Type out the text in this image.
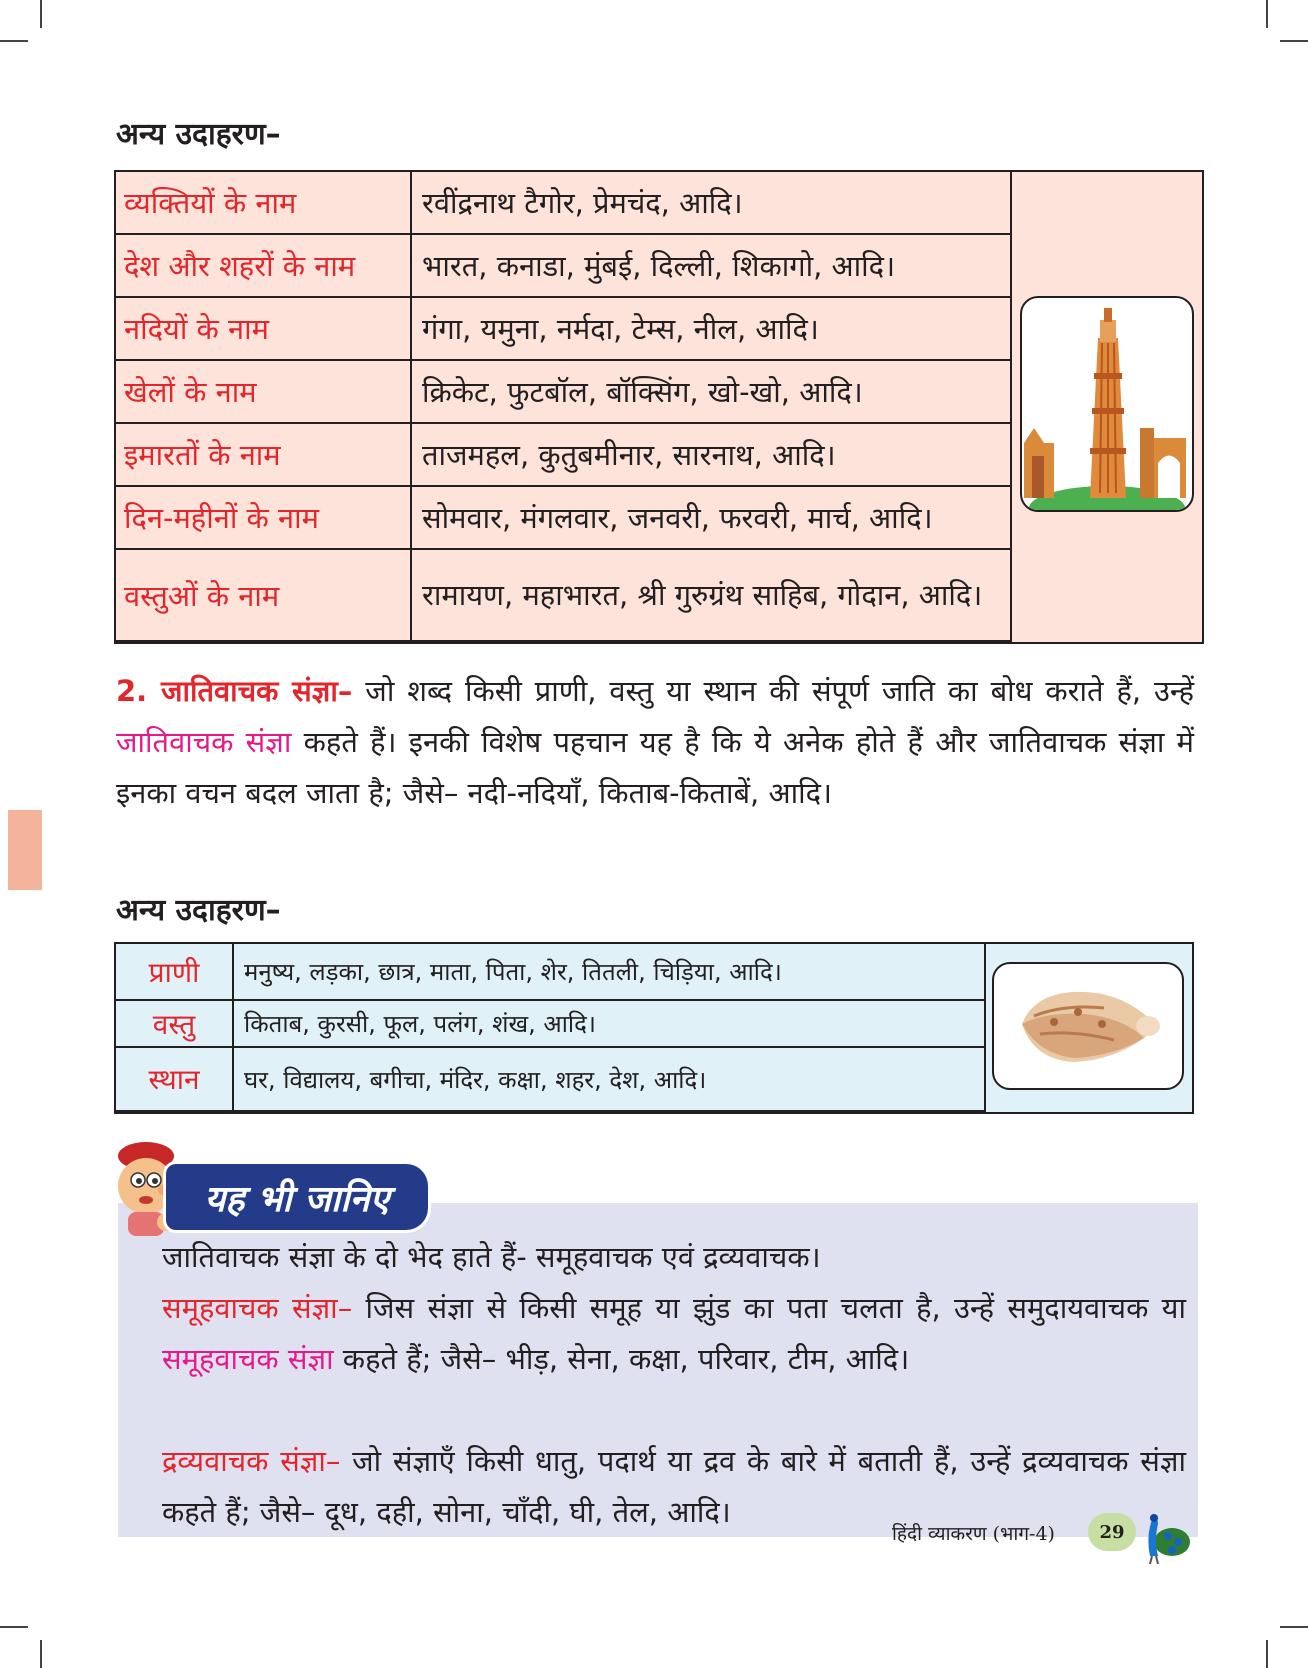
अन्य उदाहरण–
व्यक्तियों के नाम	रवींद्रनाथ टैगोर, प्रेमचंद, आदि।
देश और शहरों के नाम	भारत, कनाडा, मुंबई, दिल्ली, शिकागो, आदि।
नदियों के नाम	गंगा, यमुना, नर्मदा, टेम्स, नील, आदि।
खेलों के नाम	क्रिकेट, फुटबॉल, बॉक्सिंग, खो-खो, आदि।
इमारतों के नाम	ताजमहल, कुतुबमीनार, सारनाथ, आदि।
दिन-महीनों के नाम	सोमवार, मंगलवार, जनवरी, फरवरी, मार्च, आदि।
वस्तुओं के नाम	रामायण, महाभारत, श्री गुरुग्रंथ साहिब, गोदान, आदि।
2. जातिवाचक संज्ञा– जो शब्द किसी प्राणी, वस्तु या स्थान की संपूर्ण जाति का बोध कराते हैं, उन्हें जातिवाचक संज्ञा कहते हैं। इनकी विशेष पहचान यह है कि ये अनेक होते हैं और जातिवाचक संज्ञा में इनका वचन बदल जाता है; जैसे– नदी-नदियाँ, किताब-किताबें, आदि।
अन्य उदाहरण–
प्राणी	मनुष्य, लड़का, छात्र, माता, पिता, शेर, तितली, चिड़िया, आदि।
वस्तु	किताब, कुरसी, फूल, पलंग, शंख, आदि।
स्थान	घर, विद्यालय, बगीचा, मंदिर, कक्षा, शहर, देश, आदि।
यह भी जानिए
जातिवाचक संज्ञा के दो भेद हाते हैं- समूहवाचक एवं द्रव्यवाचक।
समूहवाचक संज्ञा– जिस संज्ञा से किसी समूह या झुंड का पता चलता है, उन्हें समुदायवाचक या समूहवाचक संज्ञा कहते हैं; जैसे– भीड़, सेना, कक्षा, परिवार, टीम, आदि।
द्रव्यवाचक संज्ञा– जो संज्ञाएँ किसी धातु, पदार्थ या द्रव के बारे में बताती हैं, उन्हें द्रव्यवाचक संज्ञा कहते हैं; जैसे– दूध, दही, सोना, चाँदी, घी, तेल, आदि।
हिंदी व्याकरण (भाग-4)	29
